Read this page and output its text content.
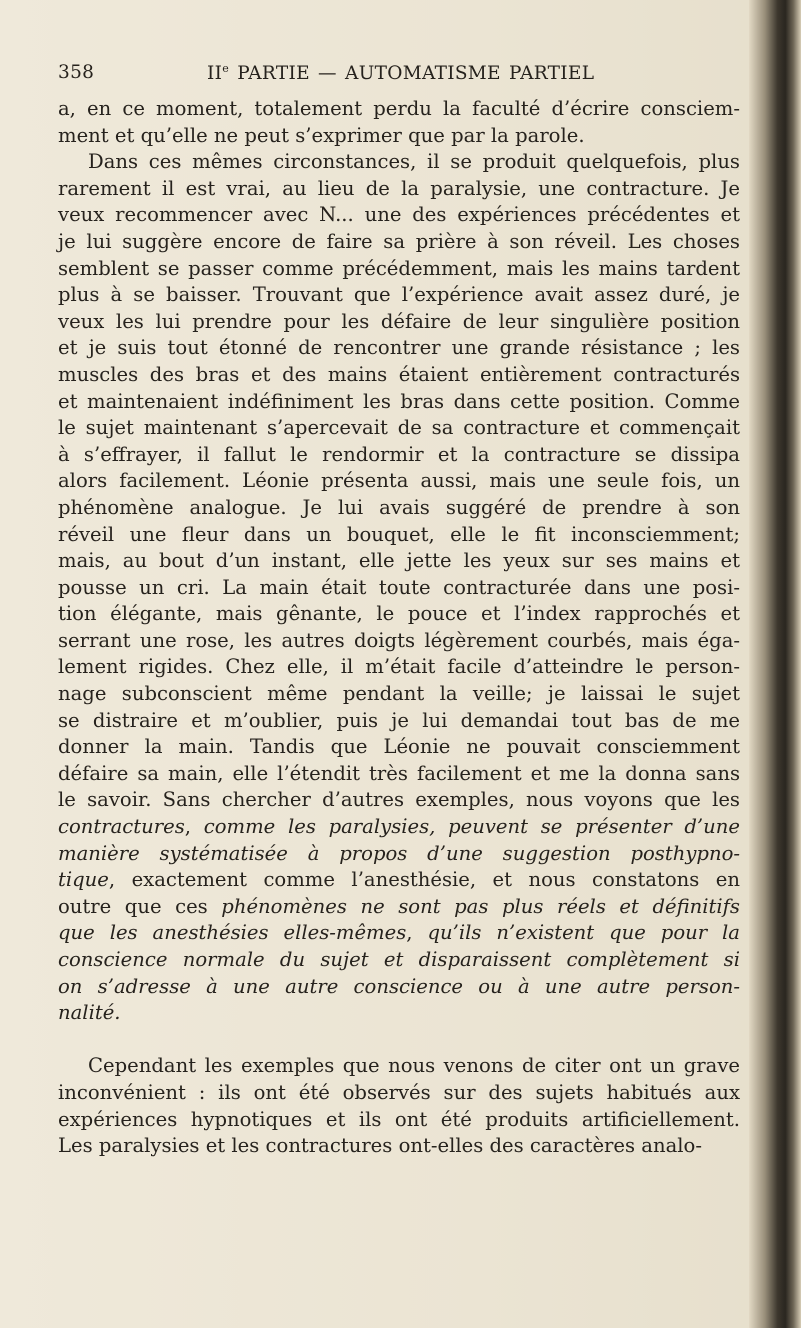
358	IIe PARTIE — AUTOMATISME PARTIEL

a, en ce moment, totalement perdu la faculté d’écrire consciem-

ment et qu’elle ne peut s’exprimer que par la parole.

Dans ces mêmes circonstances, il se produit quelquefois, plus

rarement il est vrai, au lieu de la paralysie, une contracture. Je

veux recommencer avec N... une des expériences précédentes et

je lui suggère encore de faire sa prière à son réveil. Les choses

semblent se passer comme précédemment, mais les mains tardent

plus à se baisser. Trouvant que l’expérience avait assez duré, je

veux les lui prendre pour les défaire de leur singulière position

et je suis tout étonné de rencontrer une grande résistance ; les

muscles des bras et des mains étaient entièrement contracturés

et maintenaient indéfiniment les bras dans cette position. Comme

le sujet maintenant s’apercevait de sa contracture et commençait

à s’effrayer, il fallut le rendormir et la contracture se dissipa

alors facilement. Léonie présenta aussi, mais une seule fois, un

phénomène analogue. Je lui avais suggéré de prendre à son

réveil une fleur dans un bouquet, elle le fit inconsciemment;

mais, au bout d’un instant, elle jette les yeux sur ses mains et

pousse un cri. La main était toute contracturée dans une posi-

tion élégante, mais gênante, le pouce et l’index rapprochés et

serrant une rose, les autres doigts légèrement courbés, mais éga-

lement rigides. Chez elle, il m’était facile d’atteindre le person-

nage subconscient même pendant la veille; je laissai le sujet

se distraire et m’oublier, puis je lui demandai tout bas de me

donner la main. Tandis que Léonie ne pouvait consciemment

défaire sa main, elle l’étendit très facilement et me la donna sans

le savoir. Sans chercher d’autres exemples, nous voyons que les

contractures, comme les paralysies, peuvent se présenter d’une

manière systématisée à propos d’une suggestion posthypno-

tique, exactement comme l’anesthésie, et nous constatons en

outre que ces phénomènes ne sont pas plus réels et définitifs

que les anesthésies elles-mêmes, qu’ils n’existent que pour la

conscience normale du sujet et disparaissent complètement si

on s’adresse à une autre conscience ou à une autre person-

nalité.

Cependant les exemples que nous venons de citer ont un grave

inconvénient : ils ont été observés sur des sujets habitués aux

expériences hypnotiques et ils ont été produits artificiellement.

Les paralysies et les contractures ont-elles des caractères analo-
